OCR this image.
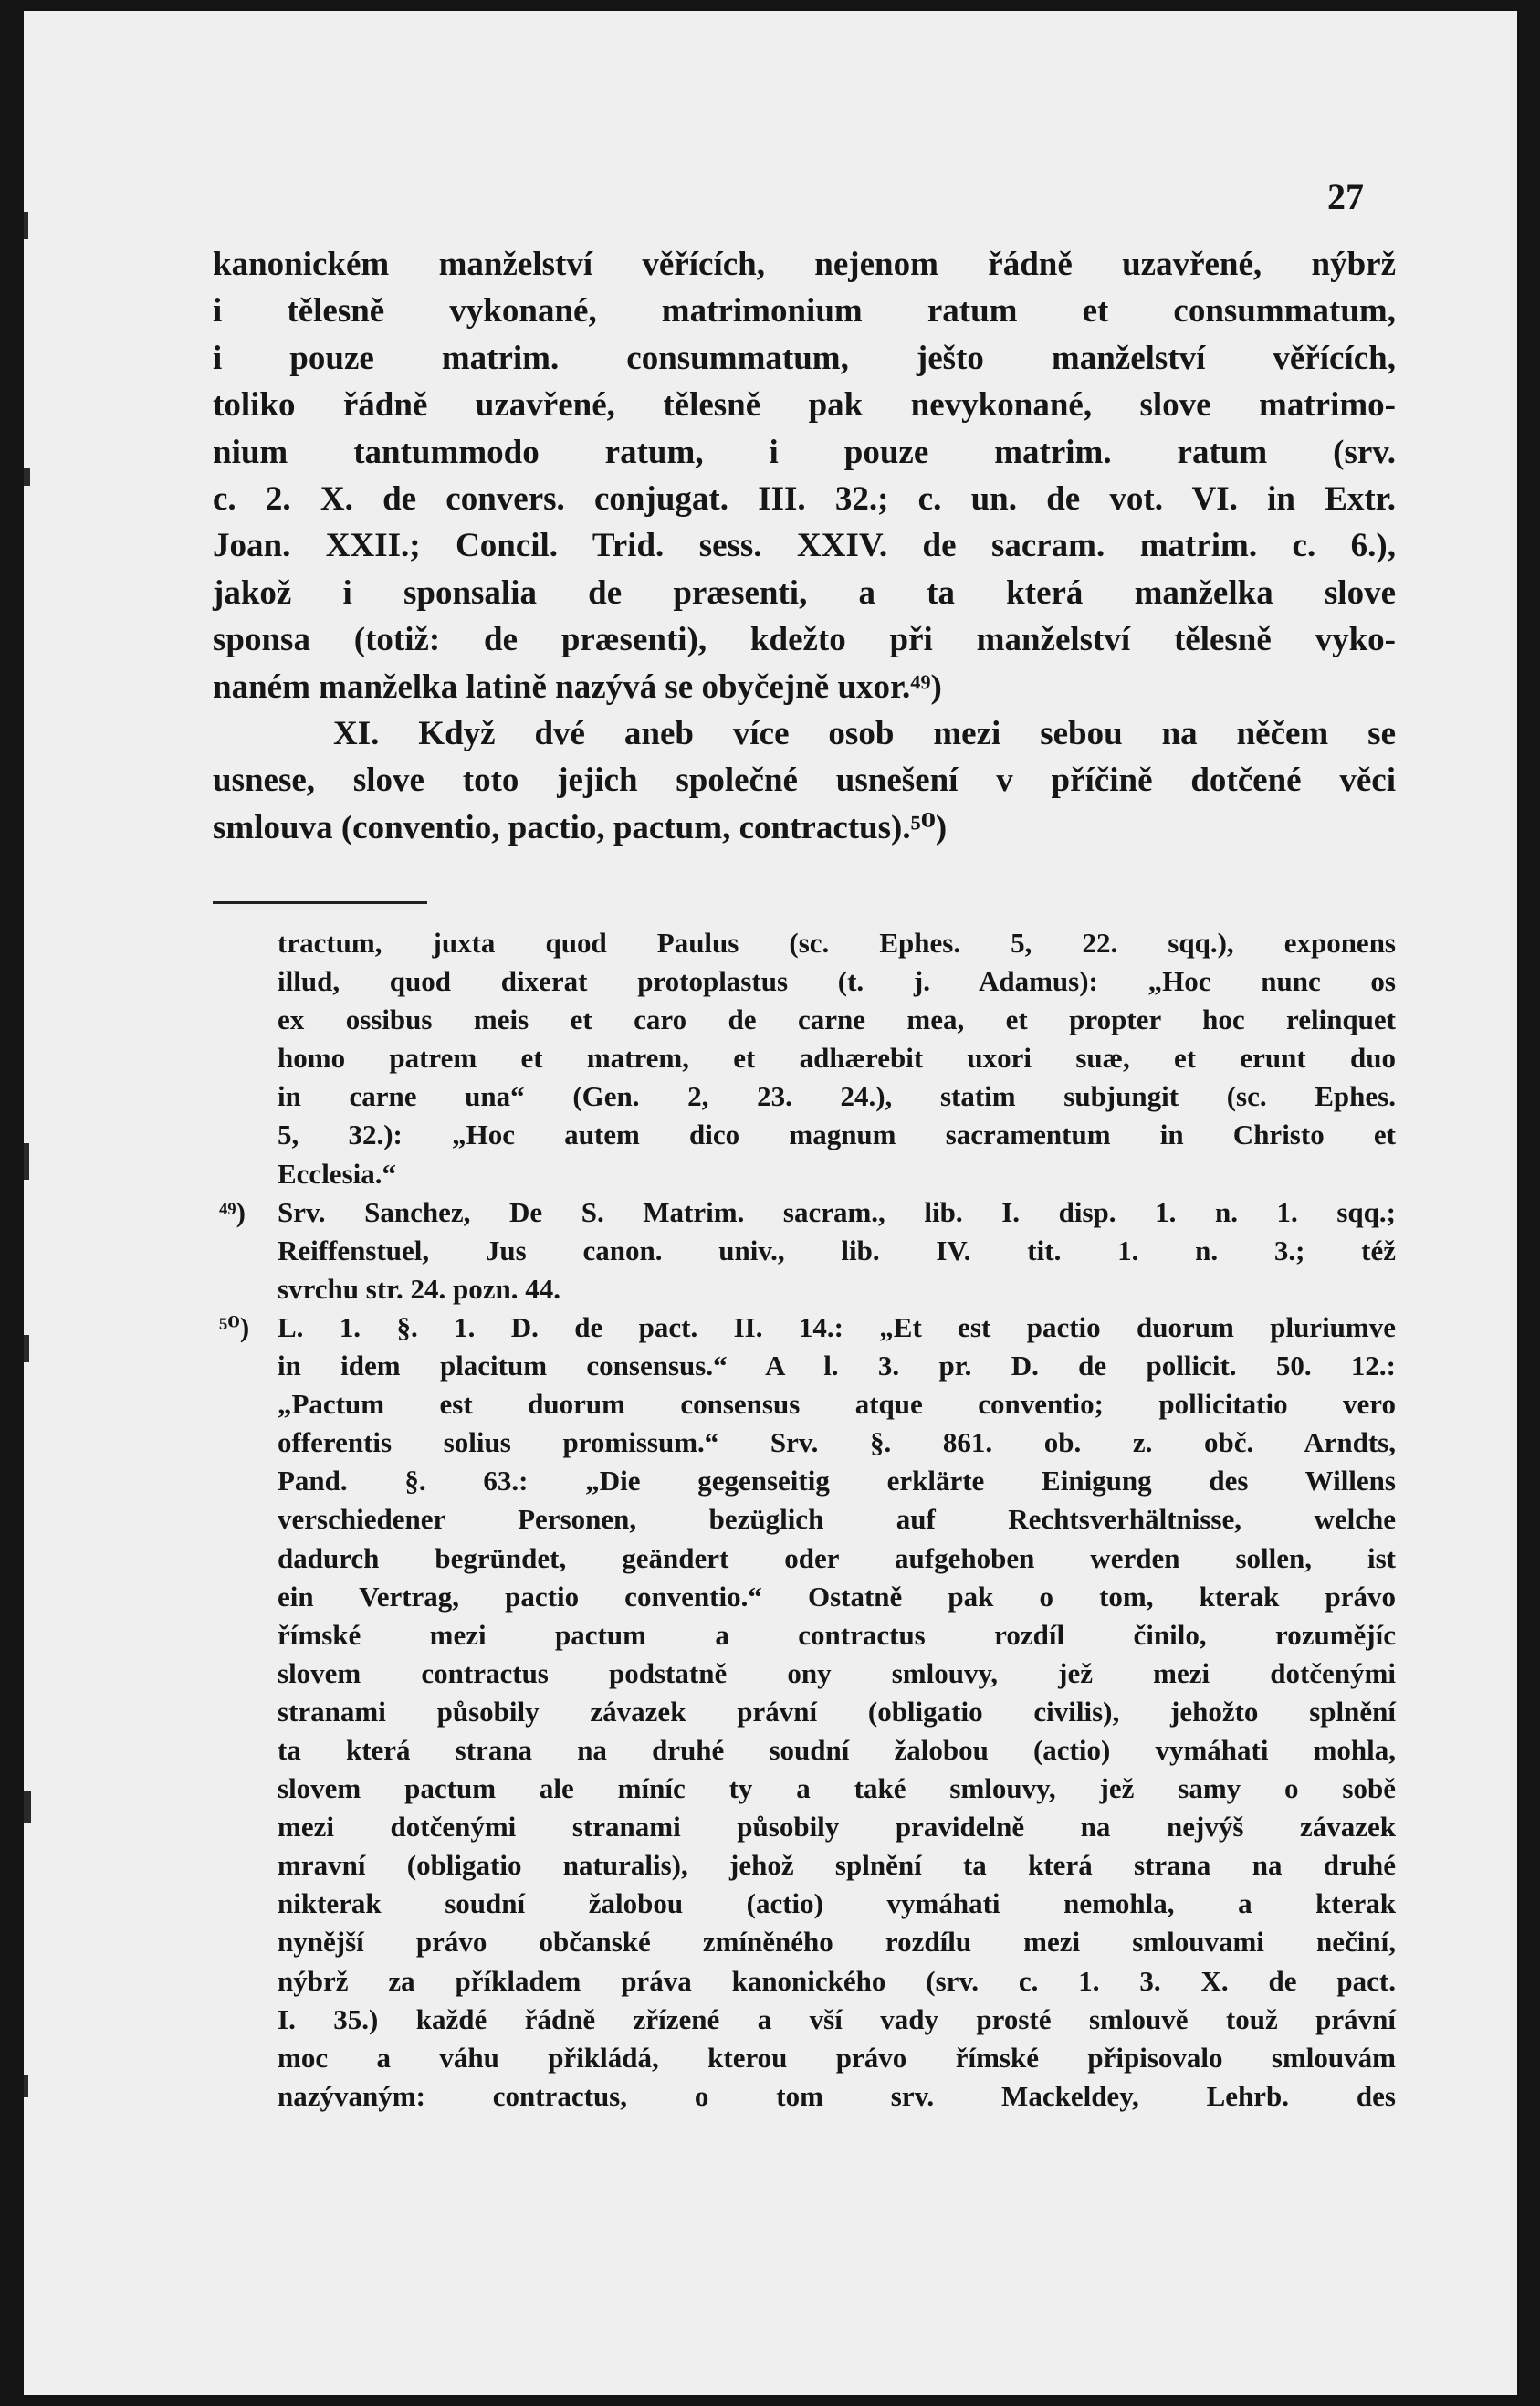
27
kanonickém manželství věřících, nejenom řádně uzavřené, nýbrž
i tělesně vykonané, matrimonium ratum et consummatum,
i pouze matrim. consummatum, ješto manželství věřících,
toliko řádně uzavřené, tělesně pak nevykonané, slove matrimo-
nium tantummodo ratum, i pouze matrim. ratum (srv.
c. 2. X. de convers. conjugat. III. 32.; c. un. de vot. VI. in Extr.
Joan. XXII.; Concil. Trid. sess. XXIV. de sacram. matrim. c. 6.),
jakož i sponsalia de præsenti, a ta která manželka slove
sponsa (totiž: de præsenti), kdežto při manželství tělesně vyko-
naném manželka latině nazývá se obyčejně uxor.⁴⁹)
XI. Když dvé aneb více osob mezi sebou na něčem se
usnese, slove toto jejich společné usnešení v příčině dotčené věci
smlouva (conventio, pactio, pactum, contractus).⁵⁰)
tractum, juxta quod Paulus (sc. Ephes. 5, 22. sqq.), exponens
illud, quod dixerat protoplastus (t. j. Adamus): „Hoc nunc os
ex ossibus meis et caro de carne mea, et propter hoc relinquet
homo patrem et matrem, et adhærebit uxori suæ, et erunt duo
in carne una“ (Gen. 2, 23. 24.), statim subjungit (sc. Ephes.
5, 32.): „Hoc autem dico magnum sacramentum in Christo et
Ecclesia.“
⁴⁹) Srv. Sanchez, De S. Matrim. sacram., lib. I. disp. 1. n. 1. sqq.;
Reiffenstuel, Jus canon. univ., lib. IV. tit. 1. n. 3.; též
svrchu str. 24. pozn. 44.
⁵⁰) L. 1. §. 1. D. de pact. II. 14.: „Et est pactio duorum pluriumve
in idem placitum consensus.“ A l. 3. pr. D. de pollicit. 50. 12.:
„Pactum est duorum consensus atque conventio; pollicitatio vero
offerentis solius promissum.“ Srv. §. 861. ob. z. obč. Arndts,
Pand. §. 63.: „Die gegenseitig erklärte Einigung des Willens
verschiedener Personen, bezüglich auf Rechtsverhältnisse, welche
dadurch begründet, geändert oder aufgehoben werden sollen, ist
ein Vertrag, pactio conventio.“ Ostatně pak o tom, kterak právo
římské mezi pactum a contractus rozdíl činilo, rozumějíc
slovem contractus podstatně ony smlouvy, jež mezi dotčenými
stranami působily závazek právní (obligatio civilis), jehožto splnění
ta která strana na druhé soudní žalobou (actio) vymáhati mohla,
slovem pactum ale míníc ty a také smlouvy, jež samy o sobě
mezi dotčenými stranami působily pravidelně na nejvýš závazek
mravní (obligatio naturalis), jehož splnění ta která strana na druhé
nikterak soudní žalobou (actio) vymáhati nemohla, a kterak
nynější právo občanské zmíněného rozdílu mezi smlouvami nečiní,
nýbrž za příkladem práva kanonického (srv. c. 1. 3. X. de pact.
I. 35.) každé řádně zřízené a vší vady prosté smlouvě touž právní
moc a váhu přikládá, kterou právo římské připisovalo smlouvám
nazývaným: contractus, o tom srv. Mackeldey, Lehrb. des
